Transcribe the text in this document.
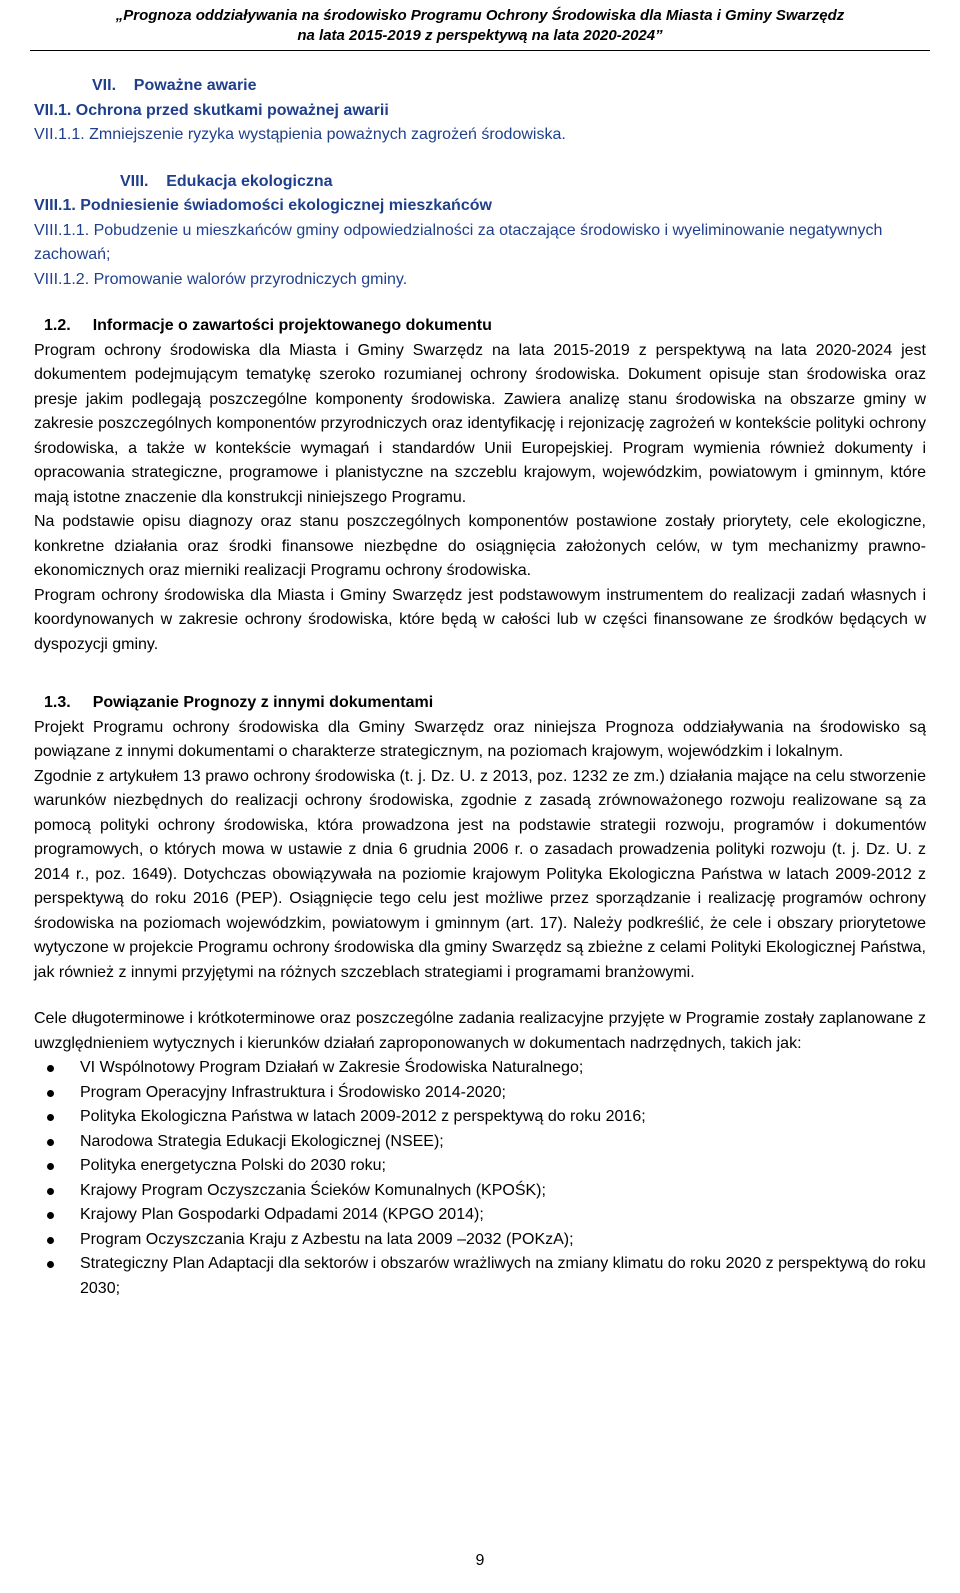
„Prognoza oddziaływania na środowisko Programu Ochrony Środowiska dla Miasta i Gminy Swarzędz
na lata 2015-2019 z perspektywą na lata 2020-2024”
VII. Poważne awarie
VII.1. Ochrona przed skutkami poważnej awarii
VII.1.1. Zmniejszenie ryzyka wystąpienia poważnych zagrożeń środowiska.
VIII. Edukacja ekologiczna
VIII.1. Podniesienie świadomości ekologicznej mieszkańców
VIII.1.1. Pobudzenie u mieszkańców gminy odpowiedzialności za otaczające środowisko i wyeliminowanie negatywnych zachowań;
VIII.1.2. Promowanie walorów przyrodniczych gminy.
1.2. Informacje o zawartości projektowanego dokumentu

Program ochrony środowiska dla Miasta i Gminy Swarzędz na lata 2015-2019 z perspektywą na lata 2020-2024 jest dokumentem podejmującym tematykę szeroko rozumianej ochrony środowiska. Dokument opisuje stan środowiska oraz presje jakim podlegają poszczególne komponenty środowiska. Zawiera analizę stanu środowiska na obszarze gminy w zakresie poszczególnych komponentów przyrodniczych oraz identyfikację i rejonizację zagrożeń w kontekście polityki ochrony środowiska, a także w kontekście wymagań i standardów Unii Europejskiej. Program wymienia również dokumenty i opracowania strategiczne, programowe i planistyczne na szczeblu krajowym, wojewódzkim, powiatowym i gminnym, które mają istotne znaczenie dla konstrukcji niniejszego Programu.

Na podstawie opisu diagnozy oraz stanu poszczególnych komponentów postawione zostały priorytety, cele ekologiczne, konkretne działania oraz środki finansowe niezbędne do osiągnięcia założonych celów, w tym mechanizmy prawno-ekonomicznych oraz mierniki realizacji Programu ochrony środowiska.

Program ochrony środowiska dla Miasta i Gminy Swarzędz jest podstawowym instrumentem do realizacji zadań własnych i koordynowanych w zakresie ochrony środowiska, które będą w całości lub w części finansowane ze środków będących w dyspozycji gminy.

1.3. Powiązanie Prognozy z innymi dokumentami

Projekt Programu ochrony środowiska dla Gminy Swarzędz oraz niniejsza Prognoza oddziaływania na środowisko są powiązane z innymi dokumentami o charakterze strategicznym, na poziomach krajowym, wojewódzkim i lokalnym.

Zgodnie z artykułem 13 prawo ochrony środowiska (t. j. Dz. U. z 2013, poz. 1232 ze zm.) działania mające na celu stworzenie warunków niezbędnych do realizacji ochrony środowiska, zgodnie z zasadą zrównoważonego rozwoju realizowane są za pomocą polityki ochrony środowiska, która prowadzona jest na podstawie strategii rozwoju, programów i dokumentów programowych, o których mowa w ustawie z dnia 6 grudnia 2006 r. o zasadach prowadzenia polityki rozwoju (t. j. Dz. U. z 2014 r., poz. 1649). Dotychczas obowiązywała na poziomie krajowym Polityka Ekologiczna Państwa w latach 2009-2012 z perspektywą do roku 2016 (PEP). Osiągnięcie tego celu jest możliwe przez sporządzanie i realizację programów ochrony środowiska na poziomach wojewódzkim, powiatowym i gminnym (art. 17). Należy podkreślić, że cele i obszary priorytetowe wytyczone w projekcie Programu ochrony środowiska dla gminy Swarzędz są zbieżne z celami Polityki Ekologicznej Państwa, jak również z innymi przyjętymi na różnych szczeblach strategiami i programami branżowymi.

Cele długoterminowe i krótkoterminowe oraz poszczególne zadania realizacyjne przyjęte w Programie zostały zaplanowane z uwzględnieniem wytycznych i kierunków działań zaproponowanych w dokumentach nadrzędnych, takich jak:

VI Wspólnotowy Program Działań w Zakresie Środowiska Naturalnego;
Program Operacyjny Infrastruktura i Środowisko 2014-2020;
Polityka Ekologiczna Państwa w latach 2009-2012 z perspektywą do roku 2016;
Narodowa Strategia Edukacji Ekologicznej (NSEE);
Polityka energetyczna Polski do 2030 roku;
Krajowy Program Oczyszczania Ścieków Komunalnych (KPOŚK);
Krajowy Plan Gospodarki Odpadami 2014 (KPGO 2014);
Program Oczyszczania Kraju z Azbestu na lata 2009 –2032 (POKzA);
Strategiczny Plan Adaptacji dla sektorów i obszarów wrażliwych na zmiany klimatu do roku 2020 z perspektywą do roku 2030;
9
